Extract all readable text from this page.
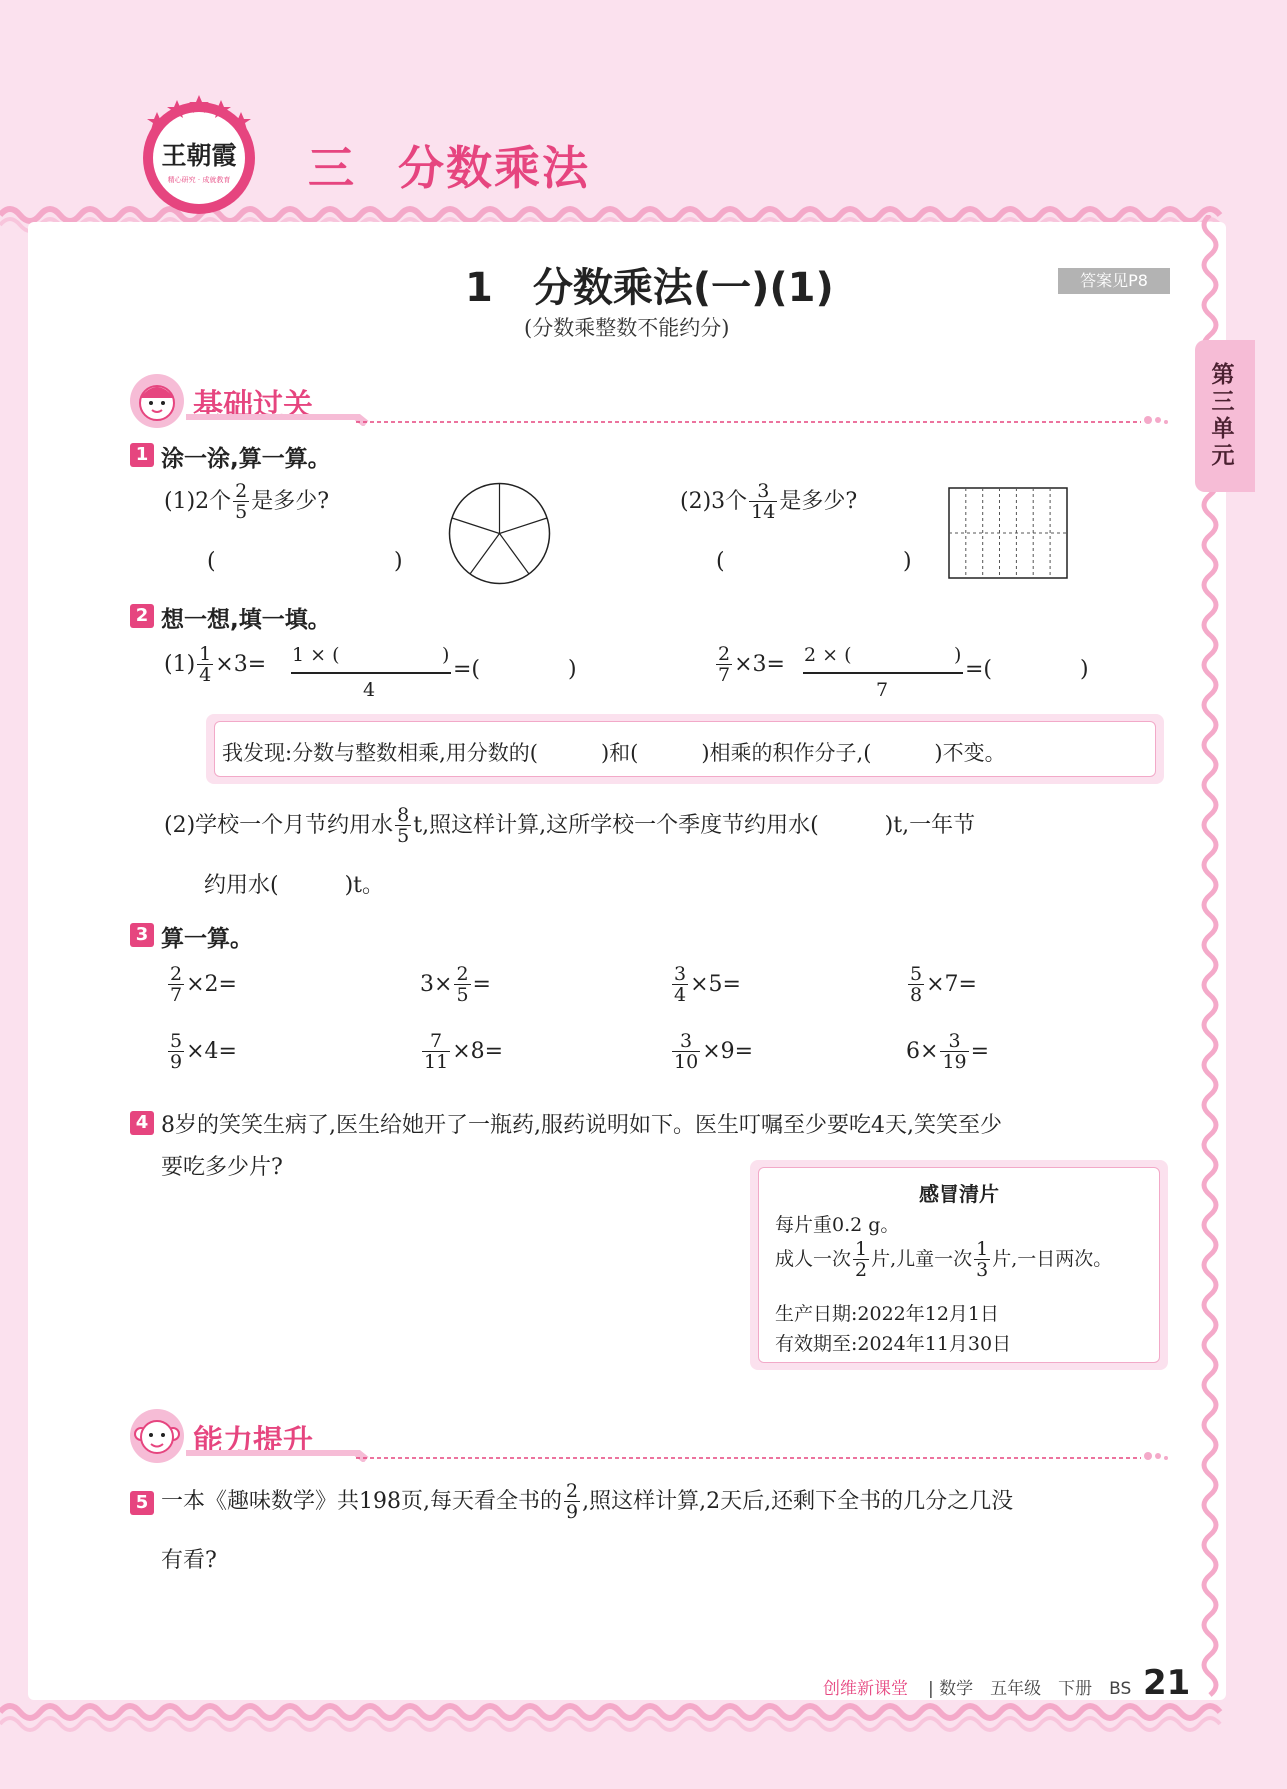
王朝霞
精心研究 · 成就教育 三 分数乘法
第
三
单
元
1　分数乘法(一)(1)
(分数乘整数不能约分)
答案见P8
基础过关
1 涂一涂,算一算。
(1)2个 $\frac{2}{5}$ 是多少?
(	)
(2)3个 $\frac{3}{14}$ 是多少?
(	)
2 想一想,填一填。
$(1) \frac{1}{4} \times 3= 1$ × (	)
4
=(	)	$\frac{2}{7} \times 3= 2$ × (	)
7
=(	)
我发现:分数与整数相乘,用分数的(　　　)和(　　　)相乘的积作分子,(　　　)不变。
(2)学校一个月节约用水 $\frac{8}{5} t$,照这样计算,这所学校一个季度节约用水(　　　)t,一年节
约用水(　　　)t。
3 算一算。
$\frac{2}{7} \times 2=$	$3\times \frac{2}{5}$ =	$\frac{3}{4} \times 5=$	$\frac{5}{8} \times 7=$
$\frac{5}{9} \times 4=$	$\frac{7}{11} \times 8=$	$\frac{3}{10} \times 9=$	$6\times \frac{3}{19}$ =
4 8岁的笑笑生病了,医生给她开了一瓶药,服药说明如下。医生叮嘱至少要吃4天,笑笑至少
要吃多少片?
感冒清片
每片重0.2 g。
成人一次 $\frac{1}{2}$ 片,儿童一次 $\frac{1}{3}$ 片,一日两次。
生产日期:2022年12月1日
有效期至:2024年11月30日
能力提升
5 一本《趣味数学》共198页,每天看全书的 $\frac{2}{9}$ ,照这样计算,2天后,还剩下全书的几分之几没
有看?
创维新课堂 | 数学　五年级　下册　BS 21
